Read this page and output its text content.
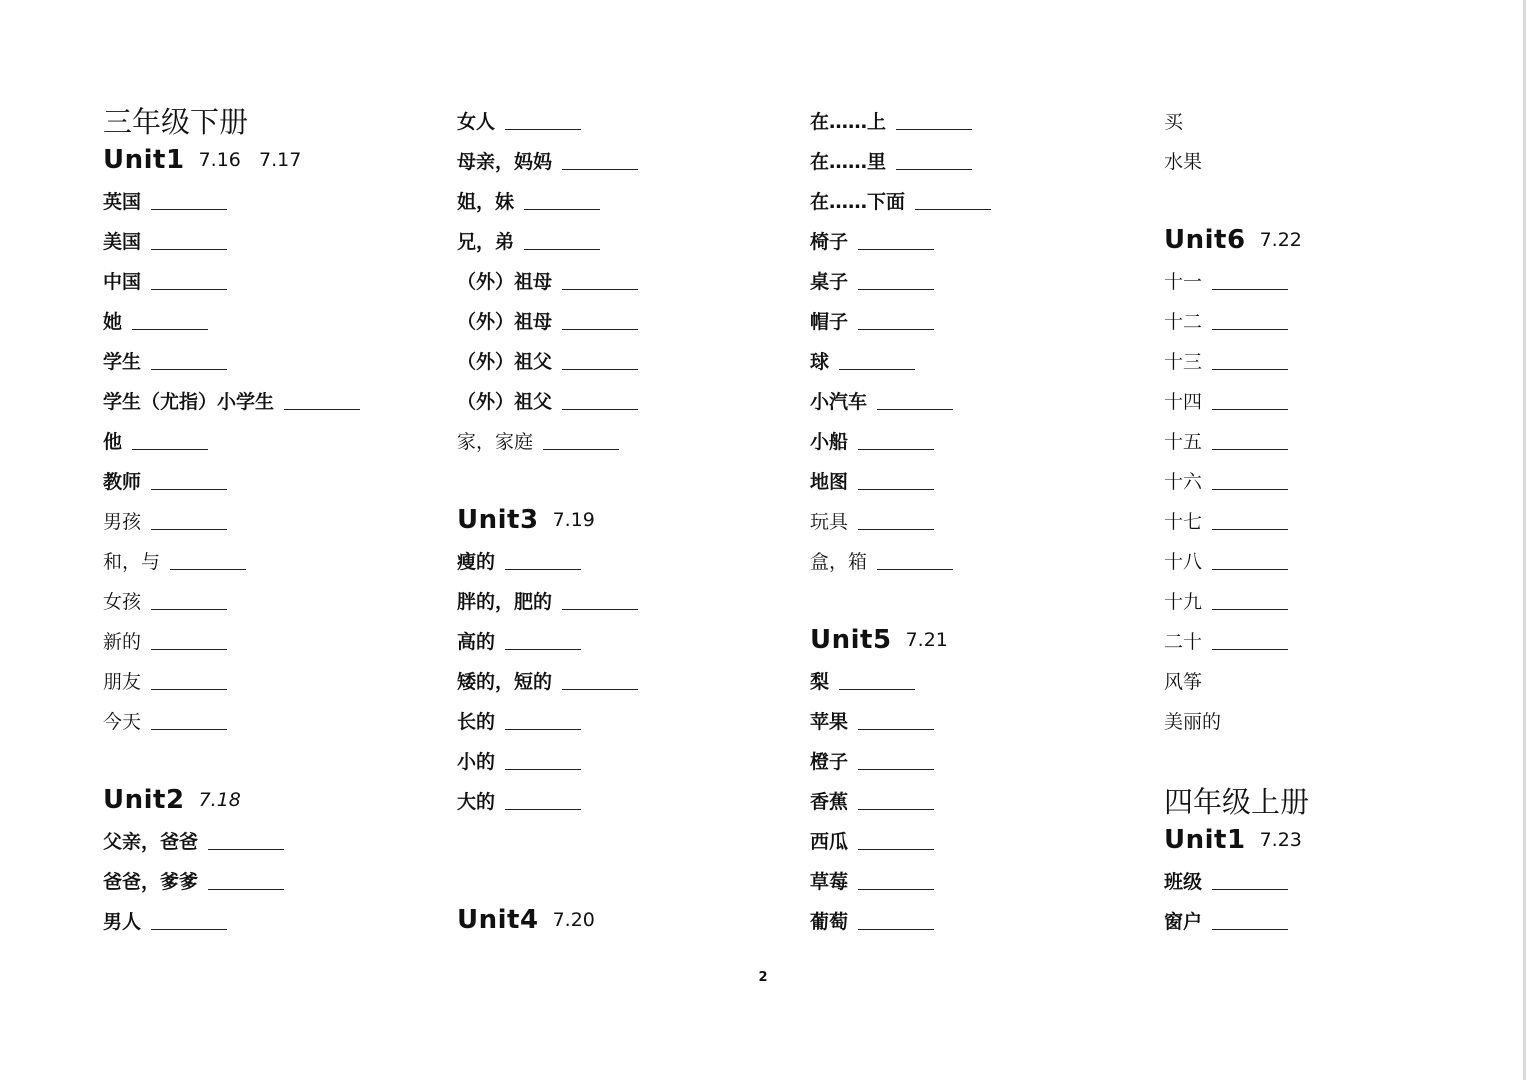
三年级下册
Unit1 7.16   7.17
英国
美国
中国
她
学生
学生（尤指）小学生
他
教师
男孩
和，与
女孩
新的
朋友
今天
Unit2 7.18
父亲，爸爸
爸爸，爹爹
男人
女人
母亲，妈妈
姐，妹
兄，弟
（外）祖母
（外）祖母
（外）祖父
（外）祖父
家，家庭
Unit3 7.19
瘦的
胖的，肥的
高的
矮的，短的
长的
小的
大的
Unit4 7.20
在……上
在……里
在……下面
椅子
桌子
帽子
球
小汽车
小船
地图
玩具
盒，箱
Unit5 7.21
梨
苹果
橙子
香蕉
西瓜
草莓
葡萄
买
水果
Unit6 7.22
十一
十二
十三
十四
十五
十六
十七
十八
十九
二十
风筝
美丽的
四年级上册
Unit1 7.23
班级
窗户
2
